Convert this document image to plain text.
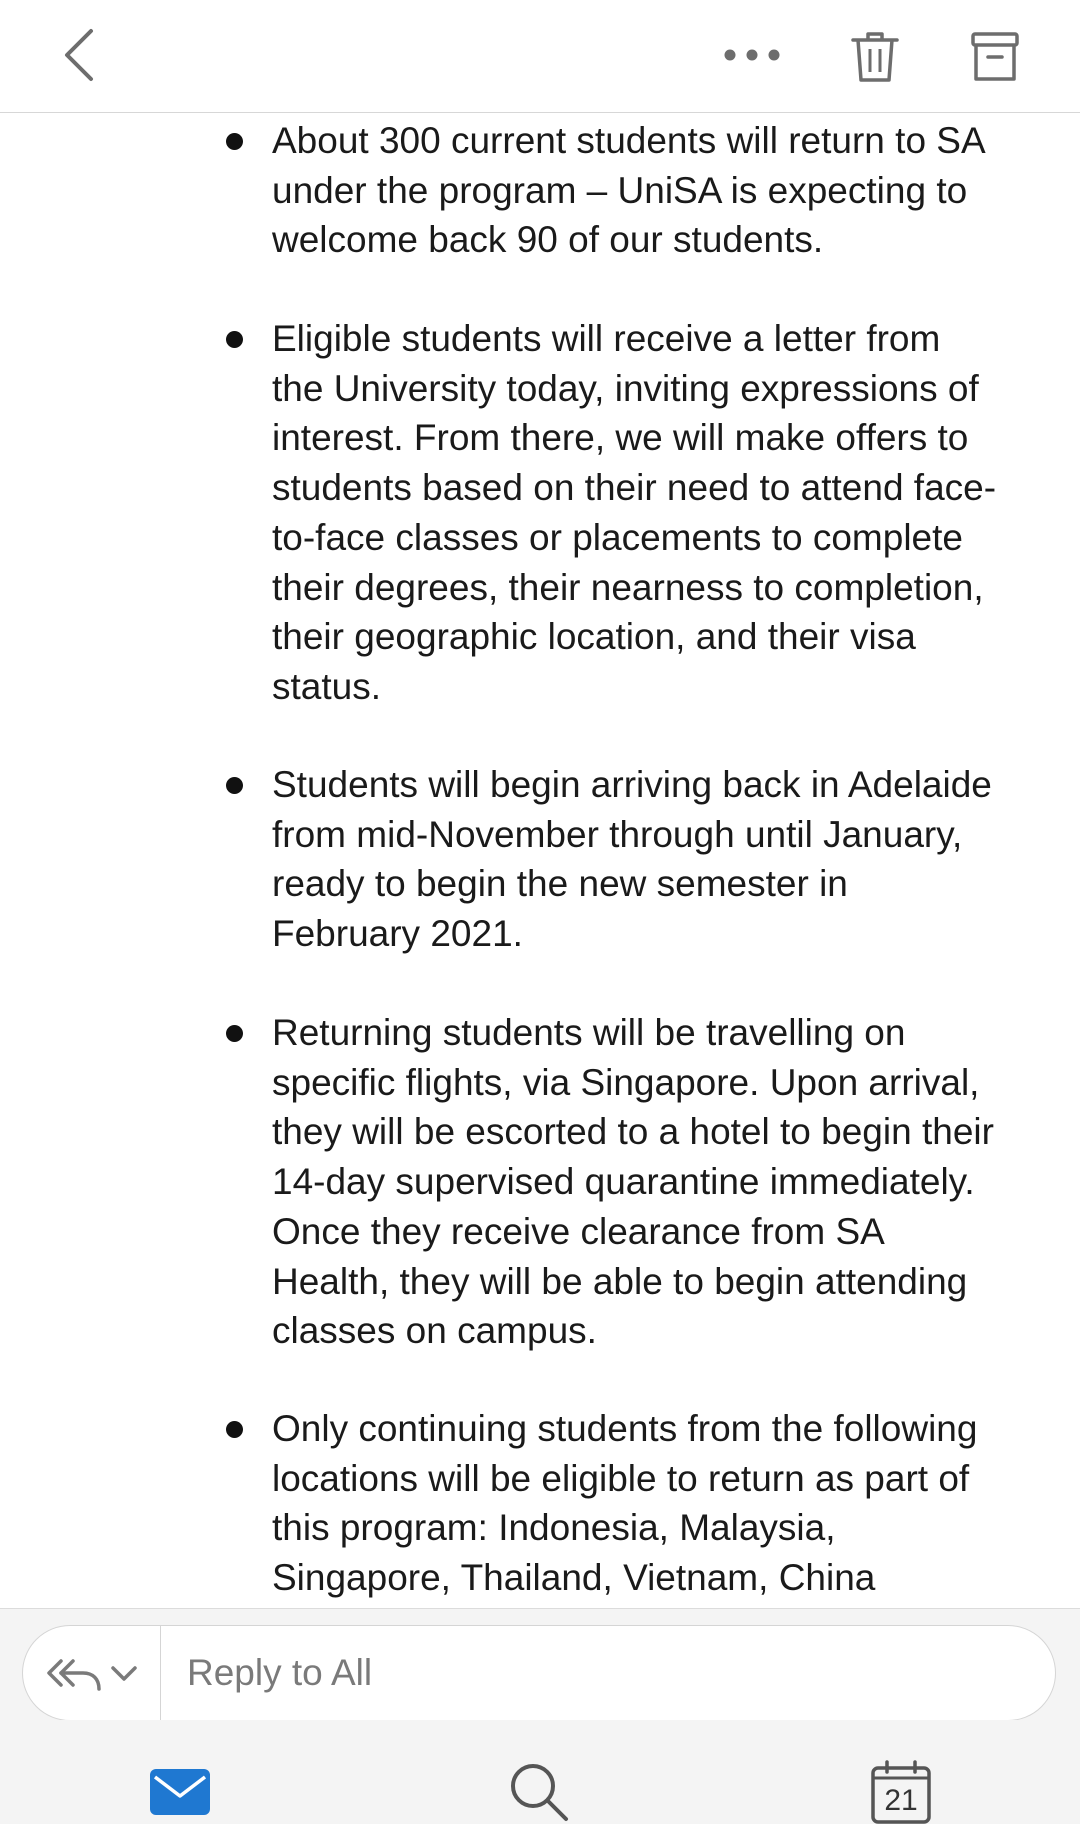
About 300 current students will return to SA
under the program – UniSA is expecting to
welcome back 90 of our students.
Eligible students will receive a letter from
the University today, inviting expressions of
interest. From there, we will make offers to
students based on their need to attend face-
to-face classes or placements to complete
their degrees, their nearness to completion,
their geographic location, and their visa
status.
Students will begin arriving back in Adelaide
from mid-November through until January,
ready to begin the new semester in
February 2021.
Returning students will be travelling on
specific flights, via Singapore. Upon arrival,
they will be escorted to a hotel to begin their
14-day supervised quarantine immediately.
Once they receive clearance from SA
Health, they will be able to begin attending
classes on campus.
Only continuing students from the following
locations will be eligible to return as part of
this program: Indonesia, Malaysia,
Singapore, Thailand, Vietnam, China
Reply to All
21
